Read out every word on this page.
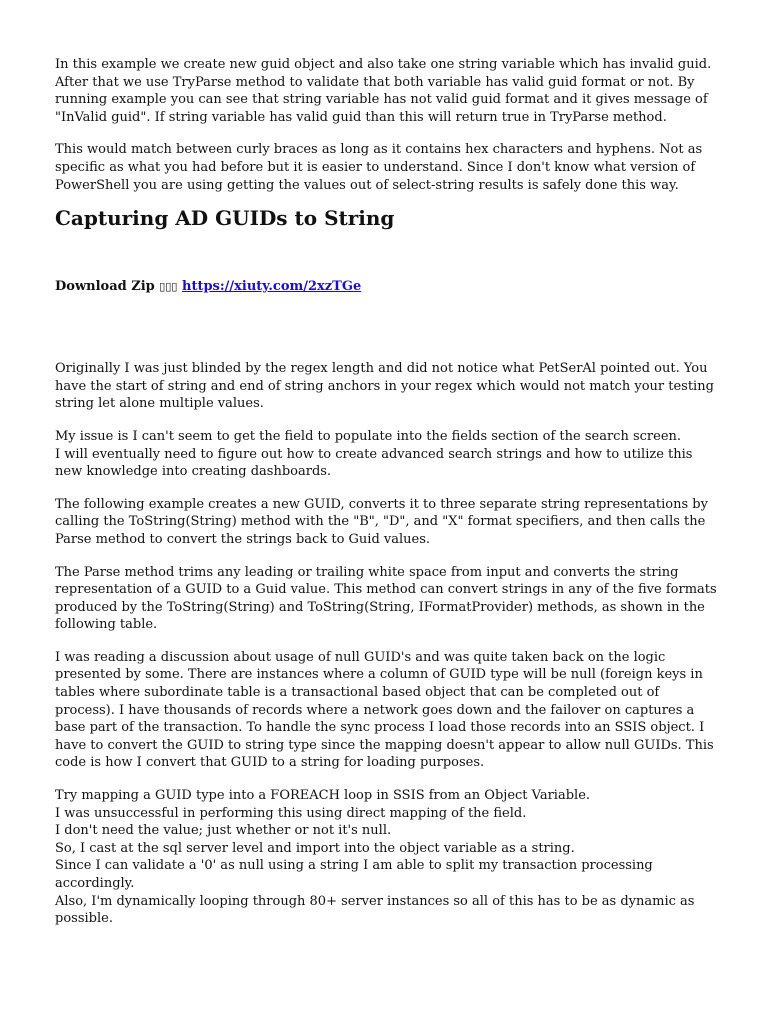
In this example we create new guid object and also take one string variable which has invalid guid. After that we use TryParse method to validate that both variable has valid guid format or not. By running example you can see that string variable has not valid guid format and it gives message of "InValid guid". If string variable has valid guid than this will return true in TryParse method.

This would match between curly braces as long as it contains hex characters and hyphens. Not as specific as what you had before but it is easier to understand. Since I don't know what version of PowerShell you are using getting the values out of select-string results is safely done this way.

Capturing AD GUIDs to String
Download Zip ▯▯▯ https://xiuty.com/2xzTGe

Originally I was just blinded by the regex length and did not notice what PetSerAl pointed out. You have the start of string and end of string anchors in your regex which would not match your testing string let alone multiple values.

My issue is I can't seem to get the field to populate into the fields section of the search screen.
I will eventually need to figure out how to create advanced search strings and how to utilize this new knowledge into creating dashboards.

The following example creates a new GUID, converts it to three separate string representations by calling the ToString(String) method with the "B", "D", and "X" format specifiers, and then calls the Parse method to convert the strings back to Guid values.

The Parse method trims any leading or trailing white space from input and converts the string representation of a GUID to a Guid value. This method can convert strings in any of the five formats produced by the ToString(String) and ToString(String, IFormatProvider) methods, as shown in the following table.

I was reading a discussion about usage of null GUID's and was quite taken back on the logic presented by some. There are instances where a column of GUID type will be null (foreign keys in tables where subordinate table is a transactional based object that can be completed out of process). I have thousands of records where a network goes down and the failover on captures a base part of the transaction. To handle the sync process I load those records into an SSIS object. I have to convert the GUID to string type since the mapping doesn't appear to allow null GUIDs. This code is how I convert that GUID to a string for loading purposes.

Try mapping a GUID type into a FOREACH loop in SSIS from an Object Variable.
I was unsuccessful in performing this using direct mapping of the field.
I don't need the value; just whether or not it's null.
So, I cast at the sql server level and import into the object variable as a string.
Since I can validate a '0' as null using a string I am able to split my transaction processing accordingly.
Also, I'm dynamically looping through 80+ server instances so all of this has to be as dynamic as possible.
